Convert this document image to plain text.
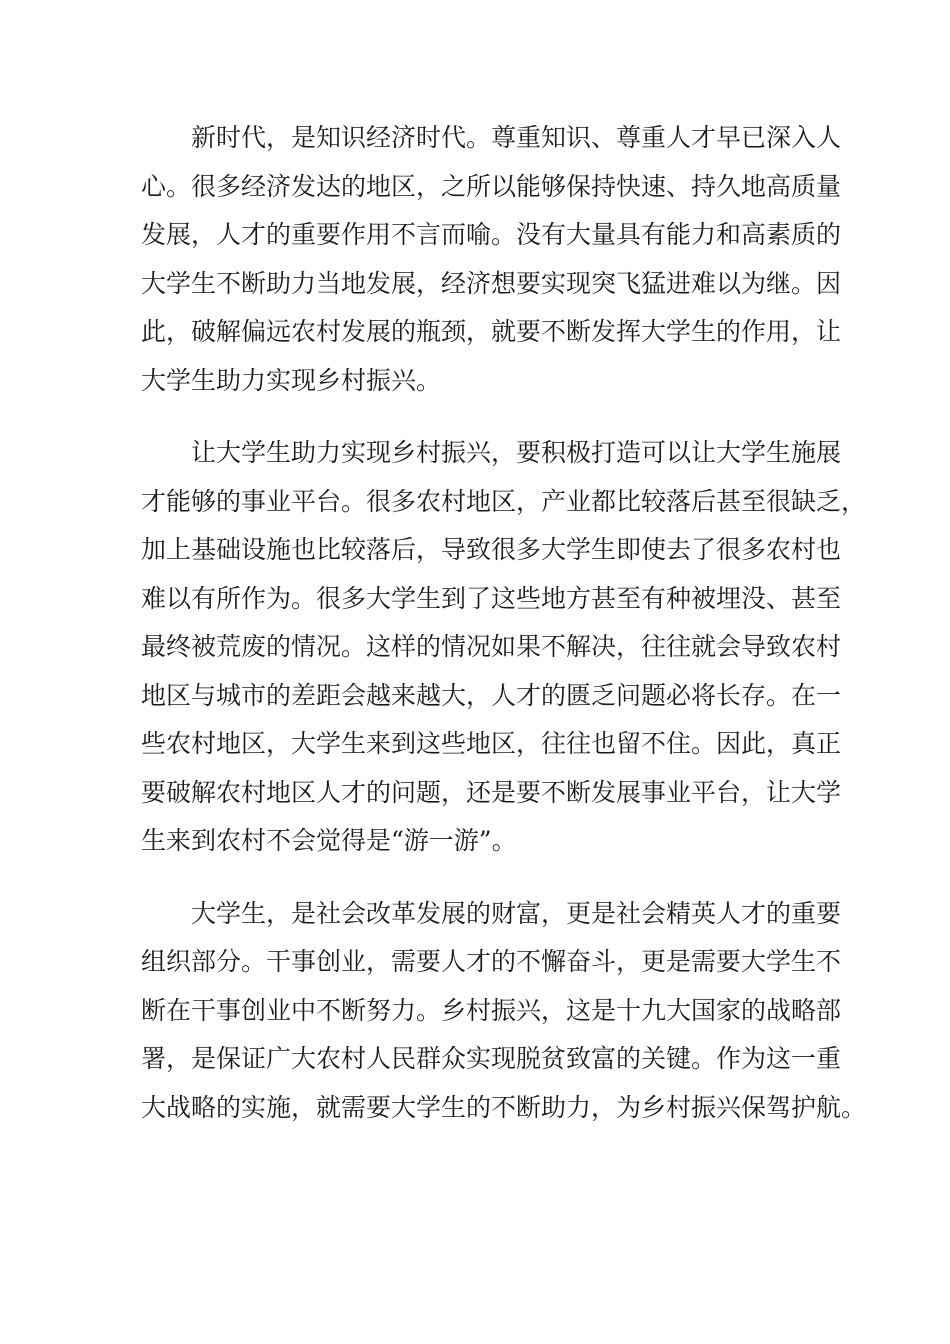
新时代，是知识经济时代。尊重知识、尊重人才早已深入人
心。很多经济发达的地区，之所以能够保持快速、持久地高质量
发展，人才的重要作用不言而喻。没有大量具有能力和高素质的
大学生不断助力当地发展，经济想要实现突飞猛进难以为继。因
此，破解偏远农村发展的瓶颈，就要不断发挥大学生的作用，让
大学生助力实现乡村振兴。

让大学生助力实现乡村振兴，要积极打造可以让大学生施展
才能够的事业平台。很多农村地区，产业都比较落后甚至很缺乏，
加上基础设施也比较落后，导致很多大学生即使去了很多农村也
难以有所作为。很多大学生到了这些地方甚至有种被埋没、甚至
最终被荒废的情况。这样的情况如果不解决，往往就会导致农村
地区与城市的差距会越来越大，人才的匮乏问题必将长存。在一
些农村地区，大学生来到这些地区，往往也留不住。因此，真正
要破解农村地区人才的问题，还是要不断发展事业平台，让大学
生来到农村不会觉得是“游一游”。

大学生，是社会改革发展的财富，更是社会精英人才的重要
组织部分。干事创业，需要人才的不懈奋斗，更是需要大学生不
断在干事创业中不断努力。乡村振兴，这是十九大国家的战略部
署，是保证广大农村人民群众实现脱贫致富的关键。作为这一重
大战略的实施，就需要大学生的不断助力，为乡村振兴保驾护航。
